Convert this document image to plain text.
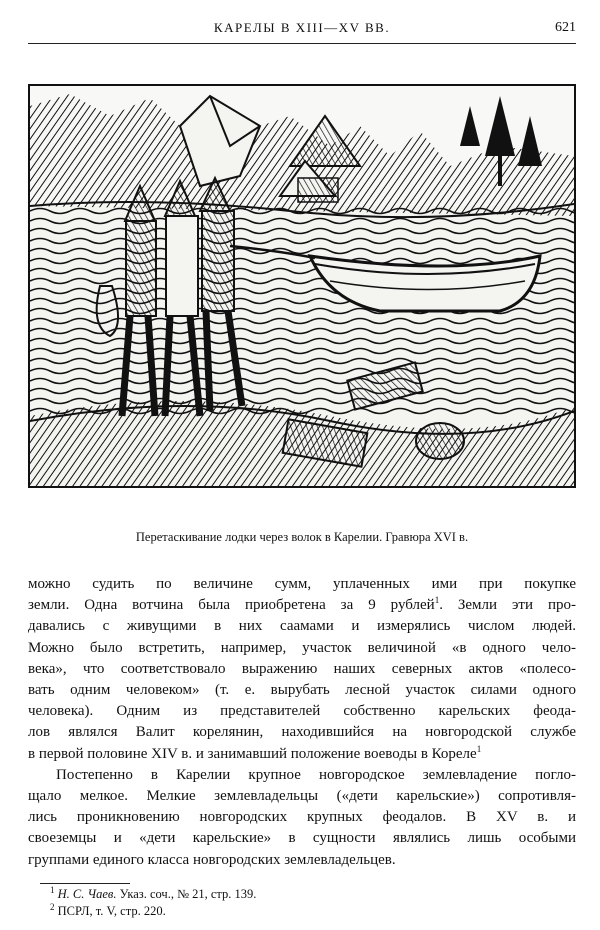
КАРЕЛЫ В XIII—XV ВВ.	621
Перетаскивание лодки через волок в Карелии. Гравюра XVI в.

можно судить по величине сумм, уплаченных ими при покупке
земли. Одна вотчина была приобретена за 9 рублей$^1$. Земли эти про-
давались с живущими в них саамами и измерялись числом людей.
Можно было встретить, например, участок величиной «в одного чело-
века», что соответствовало выражению наших северных актов «полесо-
вать одним человеком» (т. е. вырубать лесной участок силами одного
человека). Одним из представителей собственно карельских феода-
лов являлся Валит корелянин, находившийся на новгородской службе
в первой половине XIV в. и занимавший положение воеводы в Кореле$^1$

Постепенно в Карелии крупное новгородское землевладение погло-
щало мелкое. Мелкие землевладельцы («дети карельские») сопротивля-
лись проникновению новгородских крупных феодалов. В XV в. и
своеземцы и «дети карельские» в сущности являлись лишь особыми
группами единого класса новгородских землевладельцев.

$^1$ Н. С. Чаев. Указ. соч., № 21, стр. 139.
$^2$ ПСРЛ, т. V, стр. 220.
